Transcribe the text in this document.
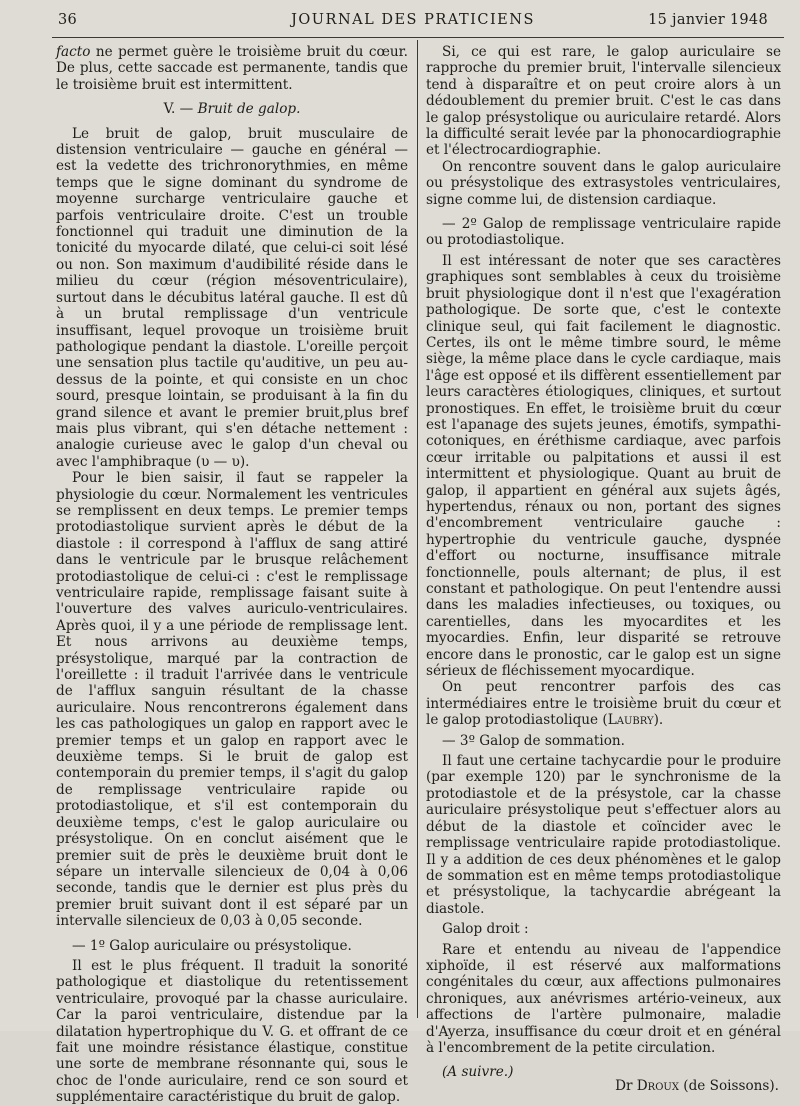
36	JOURNAL DES PRATICIENS	15 janvier 1948

facto ne permet guère le troisième bruit du cœur. De plus, cette saccade est permanente, tandis que le troisième bruit est intermittent.

V. — Bruit de galop.

Le bruit de galop, bruit musculaire de distension ventriculaire — gauche en général — est la vedette des trichronorythmies, en même temps que le signe dominant du syndrome de moyenne surcharge ventriculaire gauche et parfois ventriculaire droite. C'est un trouble fonctionnel qui traduit une diminution de la tonicité du myocarde dilaté, que celui-ci soit lésé ou non. Son maximum d'audibilité réside dans le milieu du cœur (région mésoventriculaire), surtout dans le décubitus latéral gauche. Il est dû à un brutal remplissage d'un ventricule insuffisant, lequel provoque un troisième bruit pathologique pendant la diastole. L'oreille perçoit une sensation plus tactile qu'auditive, un peu au-dessus de la pointe, et qui consiste en un choc sourd, presque lointain, se produisant à la fin du grand silence et avant le premier bruit,plus bref mais plus vibrant, qui s'en détache nettement : analogie curieuse avec le galop d'un cheval ou avec l'amphibraque (υ — υ).

Pour le bien saisir, il faut se rappeler la physiologie du cœur. Normalement les ventricules se remplissent en deux temps. Le premier temps protodiastolique survient après le début de la diastole : il correspond à l'afflux de sang attiré dans le ventricule par le brusque relâchement protodiastolique de celui-ci : c'est le remplissage ventriculaire rapide, remplissage faisant suite à l'ouverture des valves auriculo-ventriculaires. Après quoi, il y a une période de remplissage lent. Et nous arrivons au deuxième temps, présystolique, marqué par la contraction de l'oreillette : il traduit l'arrivée dans le ventricule de l'afflux sanguin résultant de la chasse auriculaire. Nous rencontrerons également dans les cas pathologiques un galop en rapport avec le premier temps et un galop en rapport avec le deuxième temps. Si le bruit de galop est contemporain du premier temps, il s'agit du galop de remplissage ventriculaire rapide ou protodiastolique, et s'il est contemporain du deuxième temps, c'est le galop auriculaire ou présystolique. On en conclut aisément que le premier suit de près le deuxième bruit dont le sépare un intervalle silencieux de 0,04 à 0,06 seconde, tandis que le dernier est plus près du premier bruit suivant dont il est séparé par un intervalle silencieux de 0,03 à 0,05 seconde.

— 1º Galop auriculaire ou présystolique.

Il est le plus fréquent. Il traduit la sonorité pathologique et diastolique du retentissement ventriculaire, provoqué par la chasse auriculaire. Car la paroi ventriculaire, distendue par la dilatation hypertrophique du V. G. et offrant de ce fait une moindre résistance élastique, constitue une sorte de membrane résonnante qui, sous le choc de l'onde auriculaire, rend ce son sourd et supplémentaire caractéristique du bruit de galop.

Si, ce qui est rare, le galop auriculaire se rapproche du premier bruit, l'intervalle silencieux tend à disparaître et on peut croire alors à un dédoublement du premier bruit. C'est le cas dans le galop présystolique ou auriculaire retardé. Alors la difficulté serait levée par la phonocardiographie et l'électrocardiographie.

On rencontre souvent dans le galop auriculaire ou présystolique des extrasystoles ventriculaires, signe comme lui, de distension cardiaque.

— 2º Galop de remplissage ventriculaire rapide ou protodiastolique.

Il est intéressant de noter que ses caractères graphiques sont semblables à ceux du troisième bruit physiologique dont il n'est que l'exagération pathologique. De sorte que, c'est le contexte clinique seul, qui fait facilement le diagnostic. Certes, ils ont le même timbre sourd, le même siège, la même place dans le cycle cardiaque, mais l'âge est opposé et ils diffèrent essentiellement par leurs caractères étiologiques, cliniques, et surtout pronostiques. En effet, le troisième bruit du cœur est l'apanage des sujets jeunes, émotifs, sympathi-cotoniques, en éréthisme cardiaque, avec parfois cœur irritable ou palpitations et aussi il est intermittent et physiologique. Quant au bruit de galop, il appartient en général aux sujets âgés, hypertendus, rénaux ou non, portant des signes d'encombrement ventriculaire gauche : hypertrophie du ventricule gauche, dyspnée d'effort ou nocturne, insuffisance mitrale fonctionnelle, pouls alternant; de plus, il est constant et pathologique. On peut l'entendre aussi dans les maladies infectieuses, ou toxiques, ou carentielles, dans les myocardites et les myocardies. Enfin, leur disparité se retrouve encore dans le pronostic, car le galop est un signe sérieux de fléchissement myocardique.

On peut rencontrer parfois des cas intermédiaires entre le troisième bruit du cœur et le galop protodiastolique (Laubry).

— 3º Galop de sommation.

Il faut une certaine tachycardie pour le produire (par exemple 120) par le synchronisme de la protodiastole et de la présystole, car la chasse auriculaire présystolique peut s'effectuer alors au début de la diastole et coïncider avec le remplissage ventriculaire rapide protodiastolique. Il y a addition de ces deux phénomènes et le galop de sommation est en même temps protodiastolique et présystolique, la tachycardie abrégeant la diastole.

Galop droit :

Rare et entendu au niveau de l'appendice xiphoïde, il est réservé aux malformations congénitales du cœur, aux affections pulmonaires chroniques, aux anévrismes artério-veineux, aux affections de l'artère pulmonaire, maladie d'Ayerza, insuffisance du cœur droit et en général à l'encombrement de la petite circulation.

(A suivre.)
Dr Droux (de Soissons).
